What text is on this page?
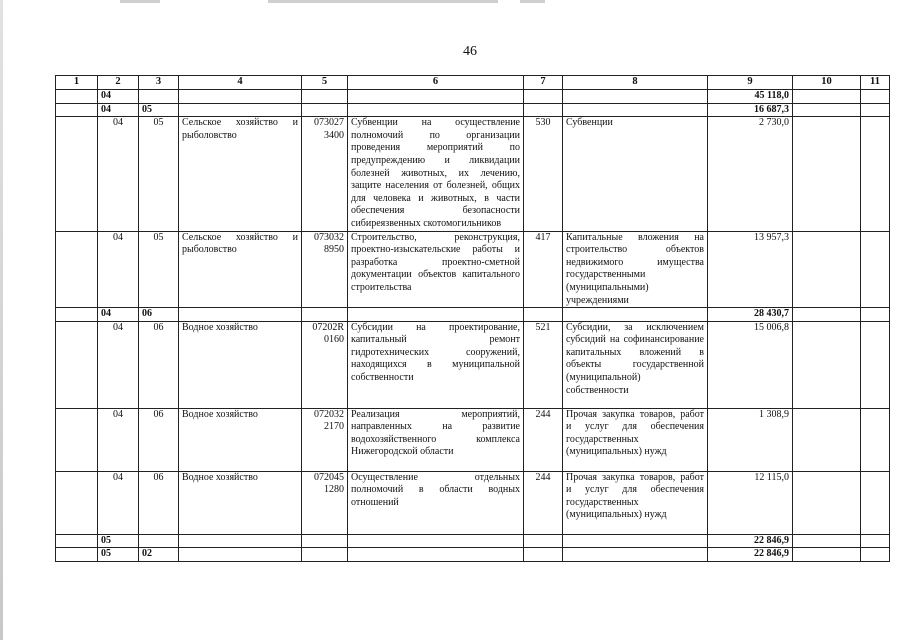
46
1	2	3	4	5	6	7	8	9	10	11
	04							45 118,0		
	04	05						16 687,3		
	04	05	Сельское хозяйство и рыболовство	073027 3400	Субвенции на осуществление полномочий по организации проведения мероприятий по предупреждению и ликвидации болезней животных, их лечению, защите населения от болезней, общих для человека и животных, в части обеспечения безопасности сибиреязвенных скотомогильников	530	Субвенции	2 730,0		
	04	05	Сельское хозяйство и рыболовство	073032 8950	Строительство, реконструкция, проектно-изыскательские работы и разработка проектно-сметной документации объектов капитального строительства	417	Капитальные вложения на строительство объектов недвижимого имущества государственными (муниципальными) учреждениями	13 957,3		
	04	06						28 430,7		
	04	06	Водное хозяйство	07202R 0160	Субсидии на проектирование, капитальный ремонт гидротехнических сооружений, находящихся в муниципальной собственности	521	Субсидии, за исключением субсидий на софинансирование капитальных вложений в объекты государственной (муниципальной) собственности	15 006,8		
	04	06	Водное хозяйство	072032 2170	Реализация мероприятий, направленных на развитие водохозяйственного комплекса Нижегородской области	244	Прочая закупка товаров, работ и услуг для обеспечения государственных (муниципальных) нужд	1 308,9		
	04	06	Водное хозяйство	072045 1280	Осуществление отдельных полномочий в области водных отношений	244	Прочая закупка товаров, работ и услуг для обеспечения государственных (муниципальных) нужд	12 115,0		
	05							22 846,9		
	05	02						22 846,9		
